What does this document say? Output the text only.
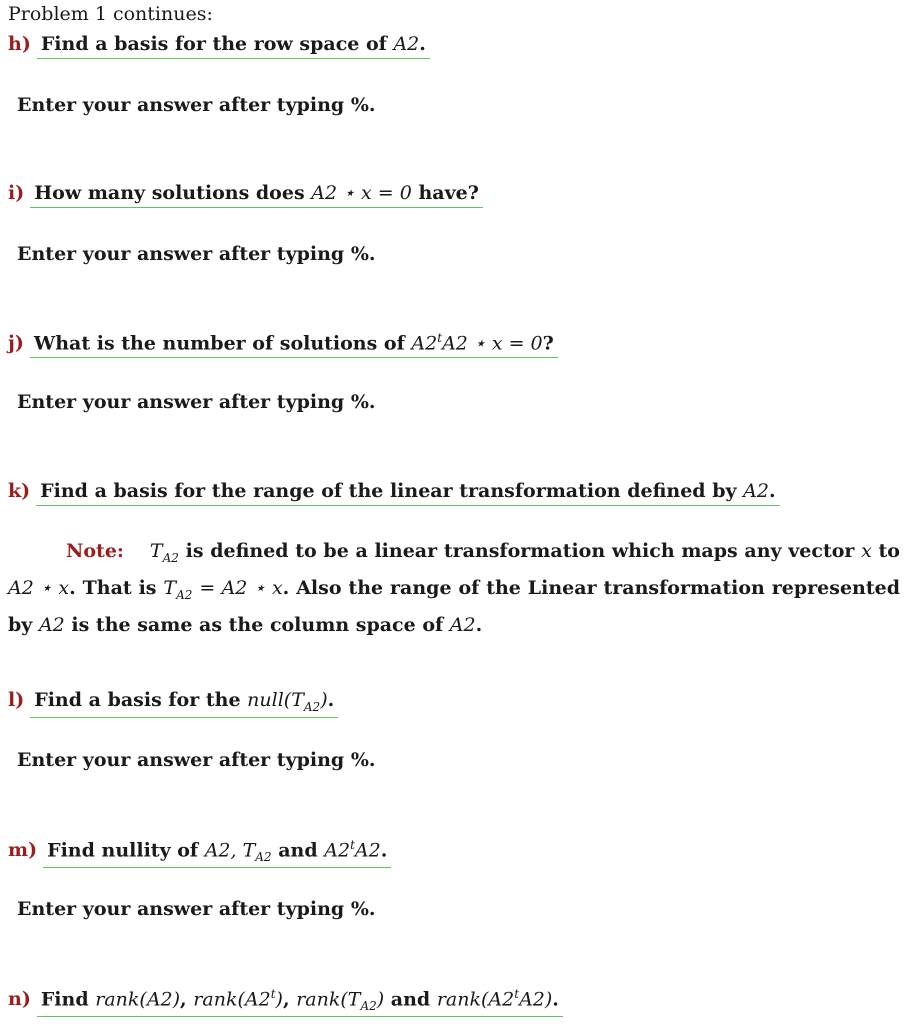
Problem 1 continues:
h) Find a basis for the row space of A2.
Enter your answer after typing %.
i) How many solutions does A2 ⋆ x = 0 have?
Enter your answer after typing %.
j) What is the number of solutions of A2$^t$A2 ⋆ x = 0?
Enter your answer after typing %.
k) Find a basis for the range of the linear transformation defined by A2.
Note: $T_{A2}$ is defined to be a linear transformation which maps any vector x to A2 ⋆ x. That is $T_{A2} = A2$ ⋆ x. Also the range of the Linear transformation represented by A2 is the same as the column space of A2.
l) Find a basis for the $null(T_{A2})$.
Enter your answer after typing %.
m) Find nullity of A2, $T_{A2}$ and A2$^t$A2.
Enter your answer after typing %.
n) Find rank(A2), rank(A2$^t$), $rank(T_{A2})$ and rank(A2$^t$A2).
